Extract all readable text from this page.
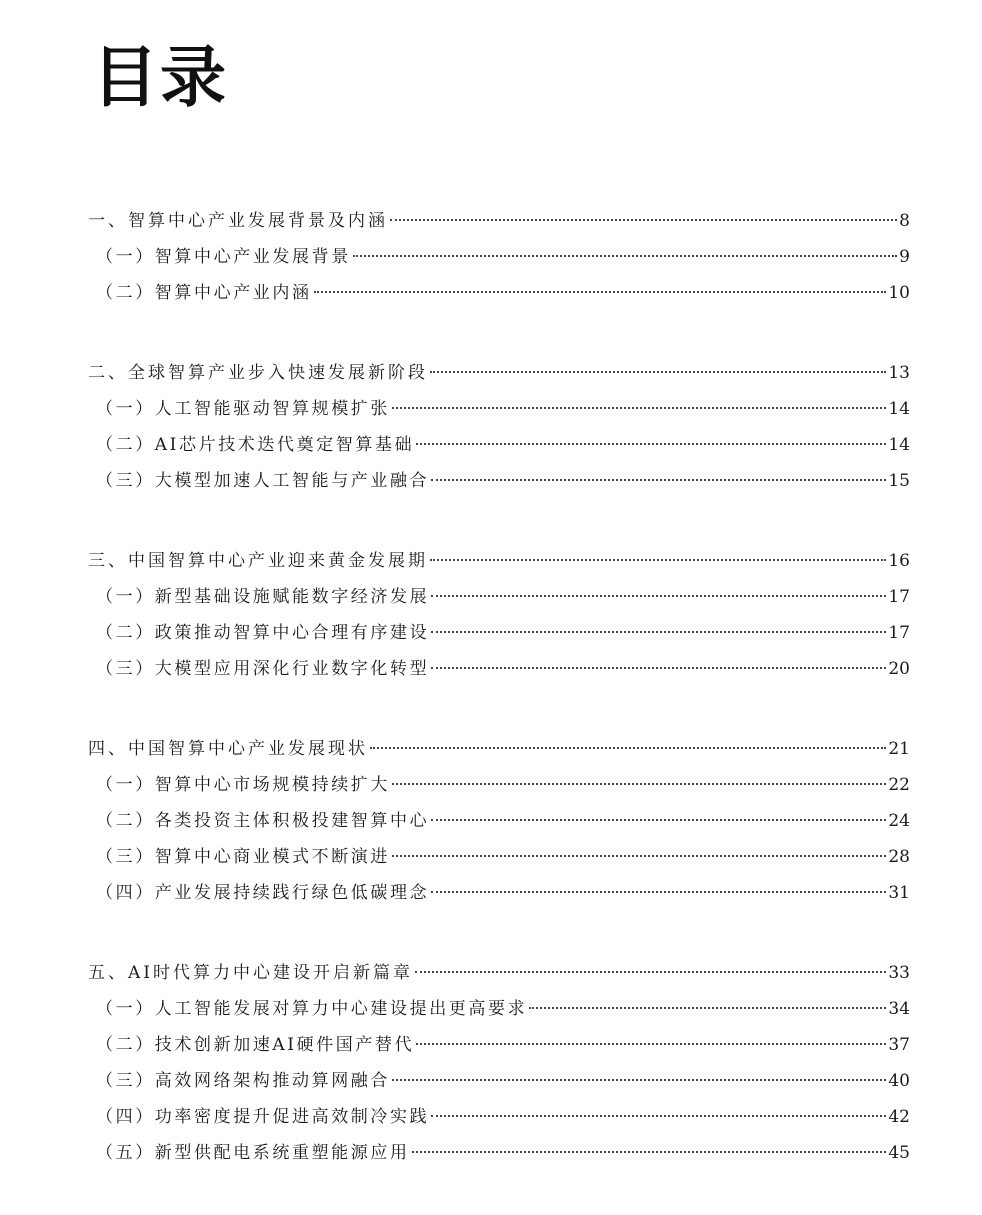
目录
一、智算中心产业发展背景及内涵	8
（一）智算中心产业发展背景	9
（二）智算中心产业内涵	10
二、全球智算产业步入快速发展新阶段	13
（一）人工智能驱动智算规模扩张	14
（二）AI芯片技术迭代奠定智算基础	14
（三）大模型加速人工智能与产业融合	15
三、中国智算中心产业迎来黄金发展期	16
（一）新型基础设施赋能数字经济发展	17
（二）政策推动智算中心合理有序建设	17
（三）大模型应用深化行业数字化转型	20
四、中国智算中心产业发展现状	21
（一）智算中心市场规模持续扩大	22
（二）各类投资主体积极投建智算中心	24
（三）智算中心商业模式不断演进	28
（四）产业发展持续践行绿色低碳理念	31
五、AI时代算力中心建设开启新篇章	33
（一）人工智能发展对算力中心建设提出更高要求	34
（二）技术创新加速AI硬件国产替代	37
（三）高效网络架构推动算网融合	40
（四）功率密度提升促进高效制冷实践	42
（五）新型供配电系统重塑能源应用	45
